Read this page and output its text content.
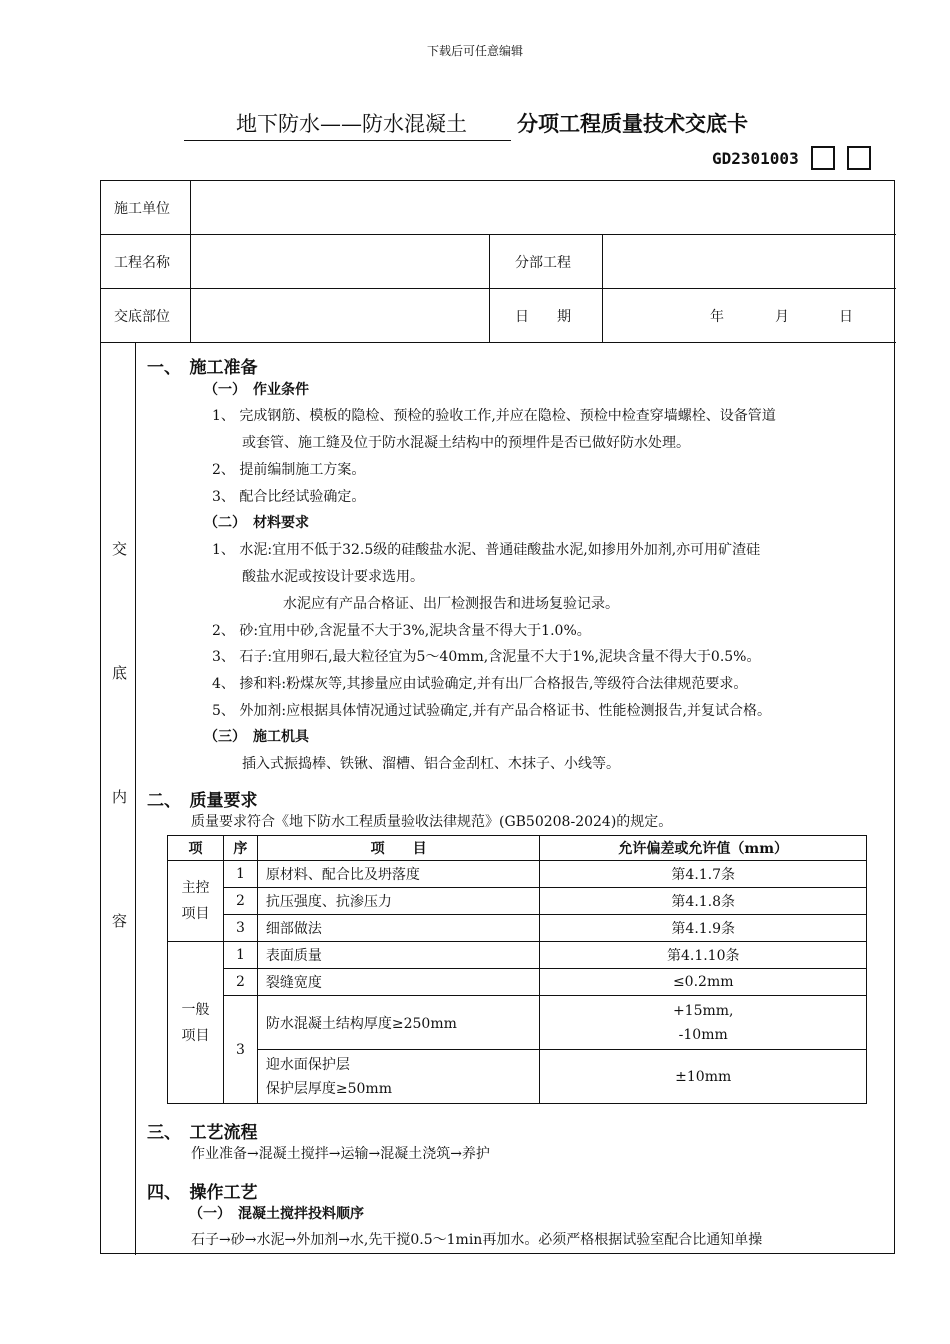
下载后可任意编辑
地下防水——防水混凝土 分项工程质量技术交底卡
GD2301003
施工单位
工程名称	分部工程
交底部位	日　　期	年	月	日
交
底
内
容
一、　施工准备
（一）　作业条件
1、 完成钢筋、模板的隐检、预检的验收工作,并应在隐检、预检中检查穿墙螺栓、设备管道
或套管、施工缝及位于防水混凝土结构中的预埋件是否已做好防水处理。
2、 提前编制施工方案。
3、 配合比经试验确定。
（二）　材料要求
1、 水泥:宜用不低于32.5级的硅酸盐水泥、普通硅酸盐水泥,如掺用外加剂,亦可用矿渣硅
酸盐水泥或按设计要求选用。
水泥应有产品合格证、出厂检测报告和进场复验记录。
2、 砂:宜用中砂,含泥量不大于3%,泥块含量不得大于1.0%。
3、 石子:宜用卵石,最大粒径宜为5～40mm,含泥量不大于1%,泥块含量不得大于0.5%。
4、 掺和料:粉煤灰等,其掺量应由试验确定,并有出厂合格报告,等级符合法律规范要求。
5、 外加剂:应根据具体情况通过试验确定,并有产品合格证书、性能检测报告,并复试合格。
（三）　施工机具
插入式振捣棒、铁锹、溜槽、铝合金刮杠、木抹子、小线等。
二、　质量要求
质量要求符合《地下防水工程质量验收法律规范》(GB50208-2024)的规定。
项	序	项　　目	允许偏差或允许值（mm）
主控
项目	1	原材料、配合比及坍落度	第4.1.7条
	2	抗压强度、抗渗压力	第4.1.8条
	3	细部做法	第4.1.9条
一般
项目	1	表面质量	第4.1.10条
	2	裂缝宽度	≤0.2mm
	3	防水混凝土结构厚度≥250mm	+15mm,
-10mm
		迎水面保护层
保护层厚度≥50mm	±10mm
三、　工艺流程
作业准备→混凝土搅拌→运输→混凝土浇筑→养护
四、　操作工艺
（一）　混凝土搅拌投料顺序
石子→砂→水泥→外加剂→水,先干搅0.5～1min再加水。必须严格根据试验室配合比通知单操
